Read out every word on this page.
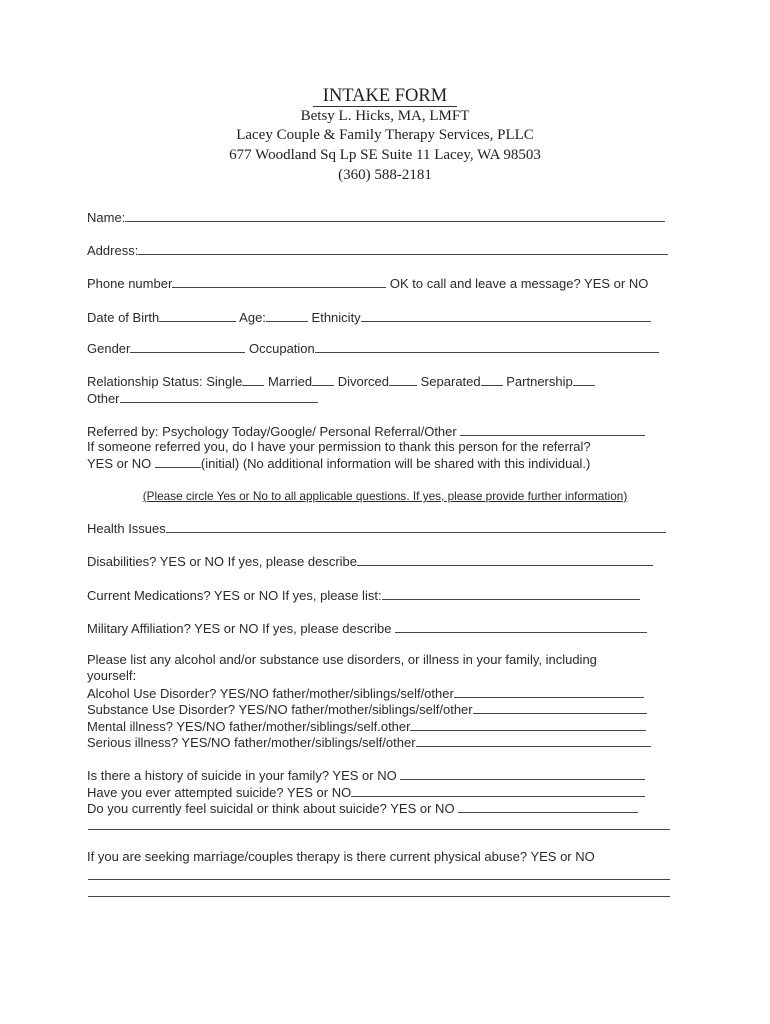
INTAKE FORM
Betsy L. Hicks, MA, LMFT
Lacey Couple & Family Therapy Services, PLLC
677 Woodland Sq Lp SE Suite 11 Lacey, WA 98503
(360) 588-2181
Name:
Address:
Phone number	OK to call and leave a message? YES or NO
Date of Birth	Age:	Ethnicity
Gender	Occupation
Relationship Status: Single Married Divorced Separated Partnership
Other
Referred by: Psychology Today/Google/ Personal Referral/Other
If someone referred you, do I have your permission to thank this person for the referral?
YES or NO	(initial) (No additional information will be shared with this individual.)
(Please circle Yes or No to all applicable questions. If yes, please provide further information)
Health Issues
Disabilities? YES or NO If yes, please describe
Current Medications? YES or NO If yes, please list:
Military Affiliation? YES or NO If yes, please describe
Please list any alcohol and/or substance use disorders, or illness in your family, including
yourself:
Alcohol Use Disorder? YES/NO father/mother/siblings/self/other
Substance Use Disorder? YES/NO father/mother/siblings/self/other
Mental illness? YES/NO father/mother/siblings/self.other
Serious illness? YES/NO father/mother/siblings/self/other
Is there a history of suicide in your family? YES or NO
Have you ever attempted suicide? YES or NO
Do you currently feel suicidal or think about suicide? YES or NO
If you are seeking marriage/couples therapy is there current physical abuse? YES or NO
